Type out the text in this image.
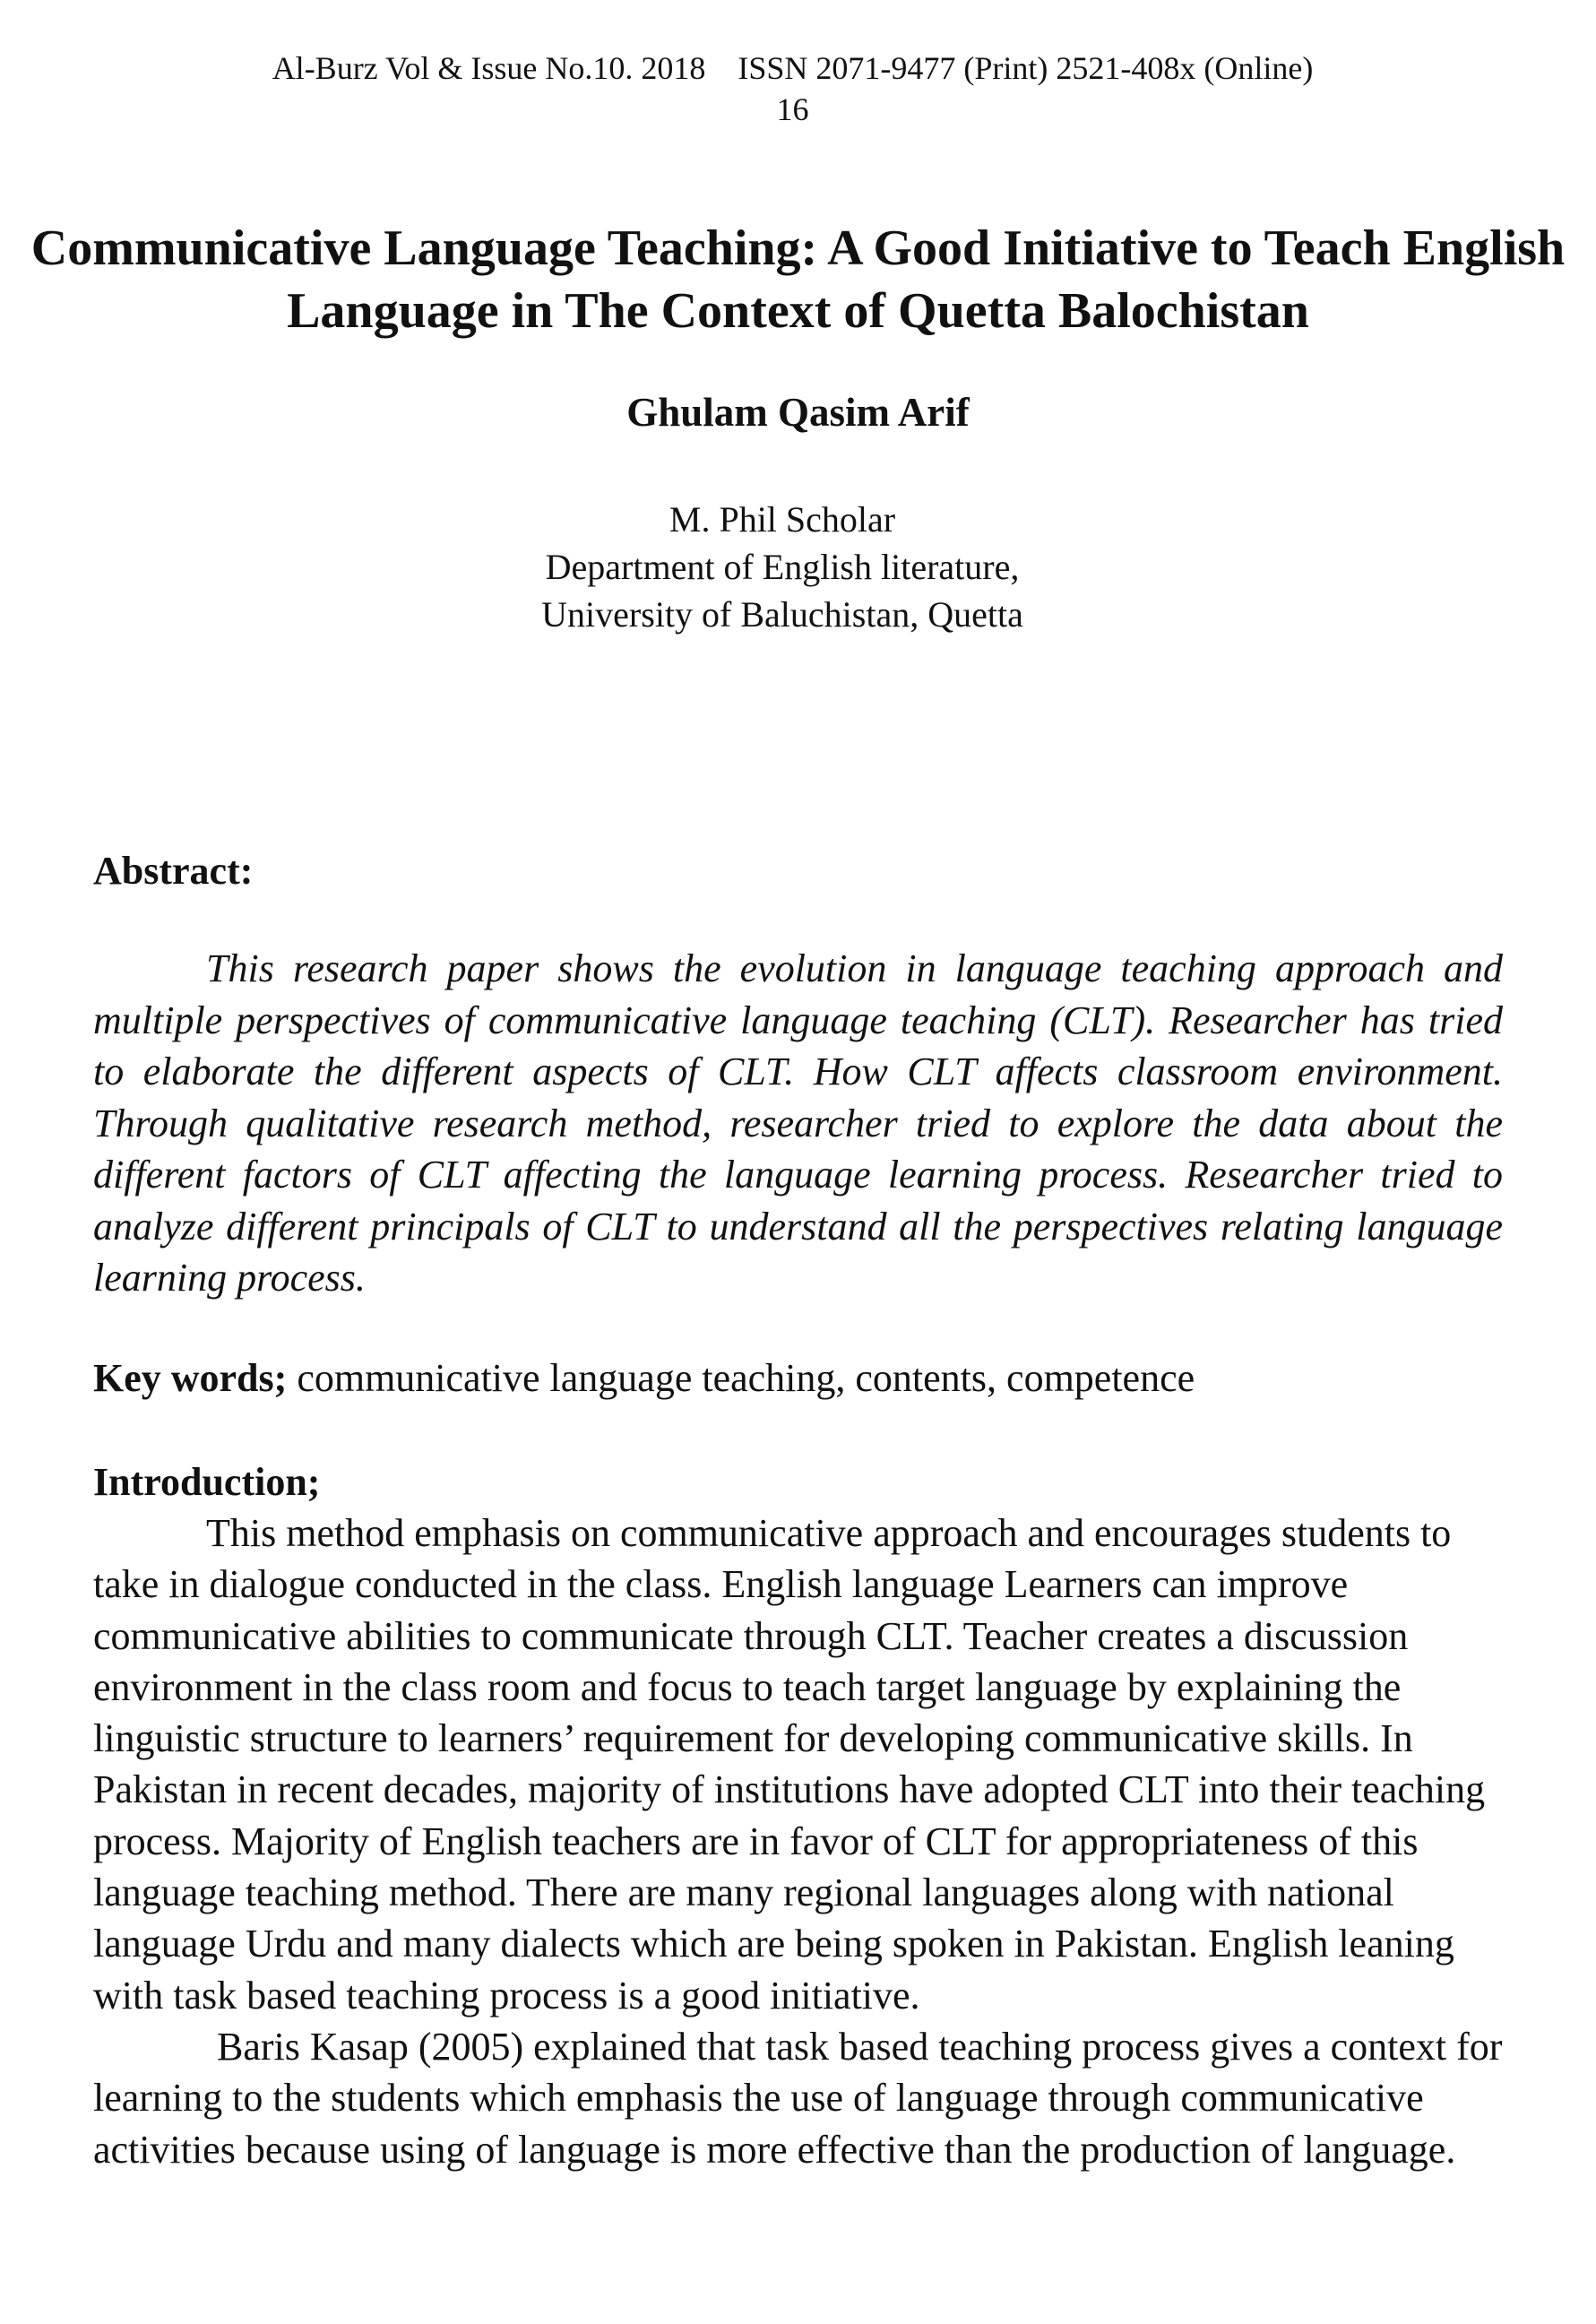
Al-Burz Vol & Issue No.10. 2018    ISSN 2071-9477 (Print) 2521-408x (Online)
16
Communicative Language Teaching: A Good Initiative to Teach English Language in The Context of Quetta Balochistan
Ghulam Qasim Arif
M. Phil Scholar
Department of English literature,
University of Baluchistan, Quetta
Abstract:
This research paper shows the evolution in language teaching approach and multiple perspectives of communicative language teaching (CLT). Researcher has tried to elaborate the different aspects of CLT. How CLT affects classroom environment. Through qualitative research method, researcher tried to explore the data about the different factors of CLT affecting the language learning process. Researcher tried to analyze different principals of CLT to understand all the perspectives relating language learning process.
Key words; communicative language teaching, contents, competence
Introduction;

This method emphasis on communicative approach and encourages students to take in dialogue conducted in the class. English language Learners can improve communicative abilities to communicate through CLT. Teacher creates a discussion environment in the class room and focus to teach target language by explaining the linguistic structure to learners’ requirement for developing communicative skills. In Pakistan in recent decades, majority of institutions have adopted CLT into their teaching process. Majority of English teachers are in favor of CLT for appropriateness of this language teaching method. There are many regional languages along with national language Urdu and many dialects which are being spoken in Pakistan. English leaning with task based teaching process is a good initiative.

Baris Kasap (2005) explained that task based teaching process gives a context for learning to the students which emphasis the use of language through communicative activities because using of language is more effective than the production of language.
